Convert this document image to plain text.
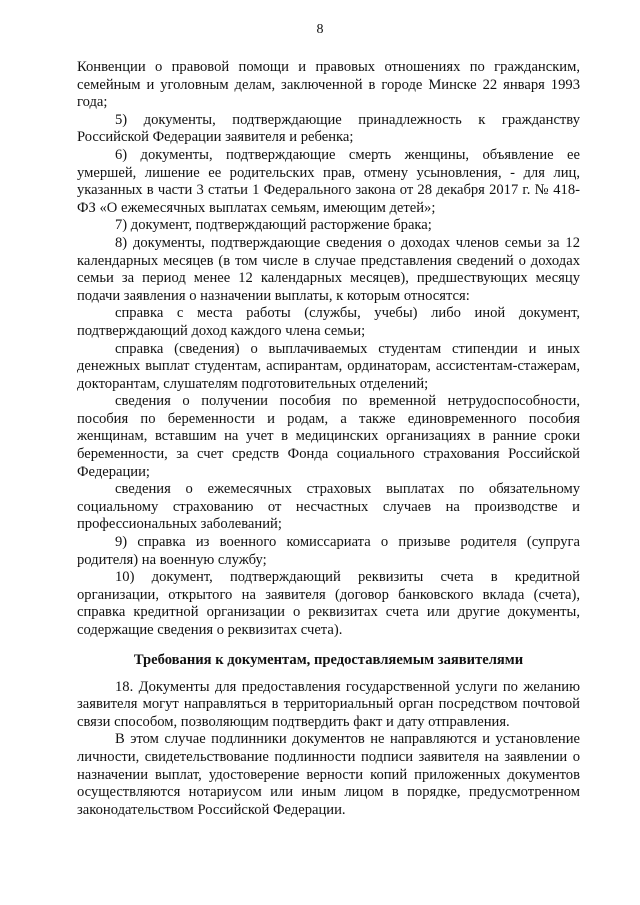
8

Конвенции о правовой помощи и правовых отношениях по гражданским, семейным и уголовным делам, заключенной в городе Минске 22 января 1993 года;

5) документы, подтверждающие принадлежность к гражданству Российской Федерации заявителя и ребенка;

6) документы, подтверждающие смерть женщины, объявление ее умершей, лишение ее родительских прав, отмену усыновления, - для лиц, указанных в части 3 статьи 1 Федерального закона от 28 декабря 2017 г. № 418-ФЗ «О ежемесячных выплатах семьям, имеющим детей»;

7) документ, подтверждающий расторжение брака;

8) документы, подтверждающие сведения о доходах членов семьи за 12 календарных месяцев (в том числе в случае представления сведений о доходах семьи за период менее 12 календарных месяцев), предшествующих месяцу подачи заявления о назначении выплаты, к которым относятся:

справка с места работы (службы, учебы) либо иной документ, подтверждающий доход каждого члена семьи;

справка (сведения) о выплачиваемых студентам стипендии и иных денежных выплат студентам, аспирантам, ординаторам, ассистентам-стажерам, докторантам, слушателям подготовительных отделений;

сведения о получении пособия по временной нетрудоспособности, пособия по беременности и родам, а также единовременного пособия женщинам, вставшим на учет в медицинских организациях в ранние сроки беременности, за счет средств Фонда социального страхования Российской Федерации;

сведения о ежемесячных страховых выплатах по обязательному социальному страхованию от несчастных случаев на производстве и профессиональных заболеваний;

9) справка из военного комиссариата о призыве родителя (супруга родителя) на военную службу;

10) документ, подтверждающий реквизиты счета в кредитной организации, открытого на заявителя (договор банковского вклада (счета), справка кредитной организации о реквизитах счета или другие документы, содержащие сведения о реквизитах счета).

Требования к документам, предоставляемым заявителями

18. Документы для предоставления государственной услуги по желанию заявителя могут направляться в территориальный орган посредством почтовой связи способом, позволяющим подтвердить факт и дату отправления.

В этом случае подлинники документов не направляются и установление личности, свидетельствование подлинности подписи заявителя на заявлении о назначении выплат, удостоверение верности копий приложенных документов осуществляются нотариусом или иным лицом в порядке, предусмотренном законодательством Российской Федерации.
